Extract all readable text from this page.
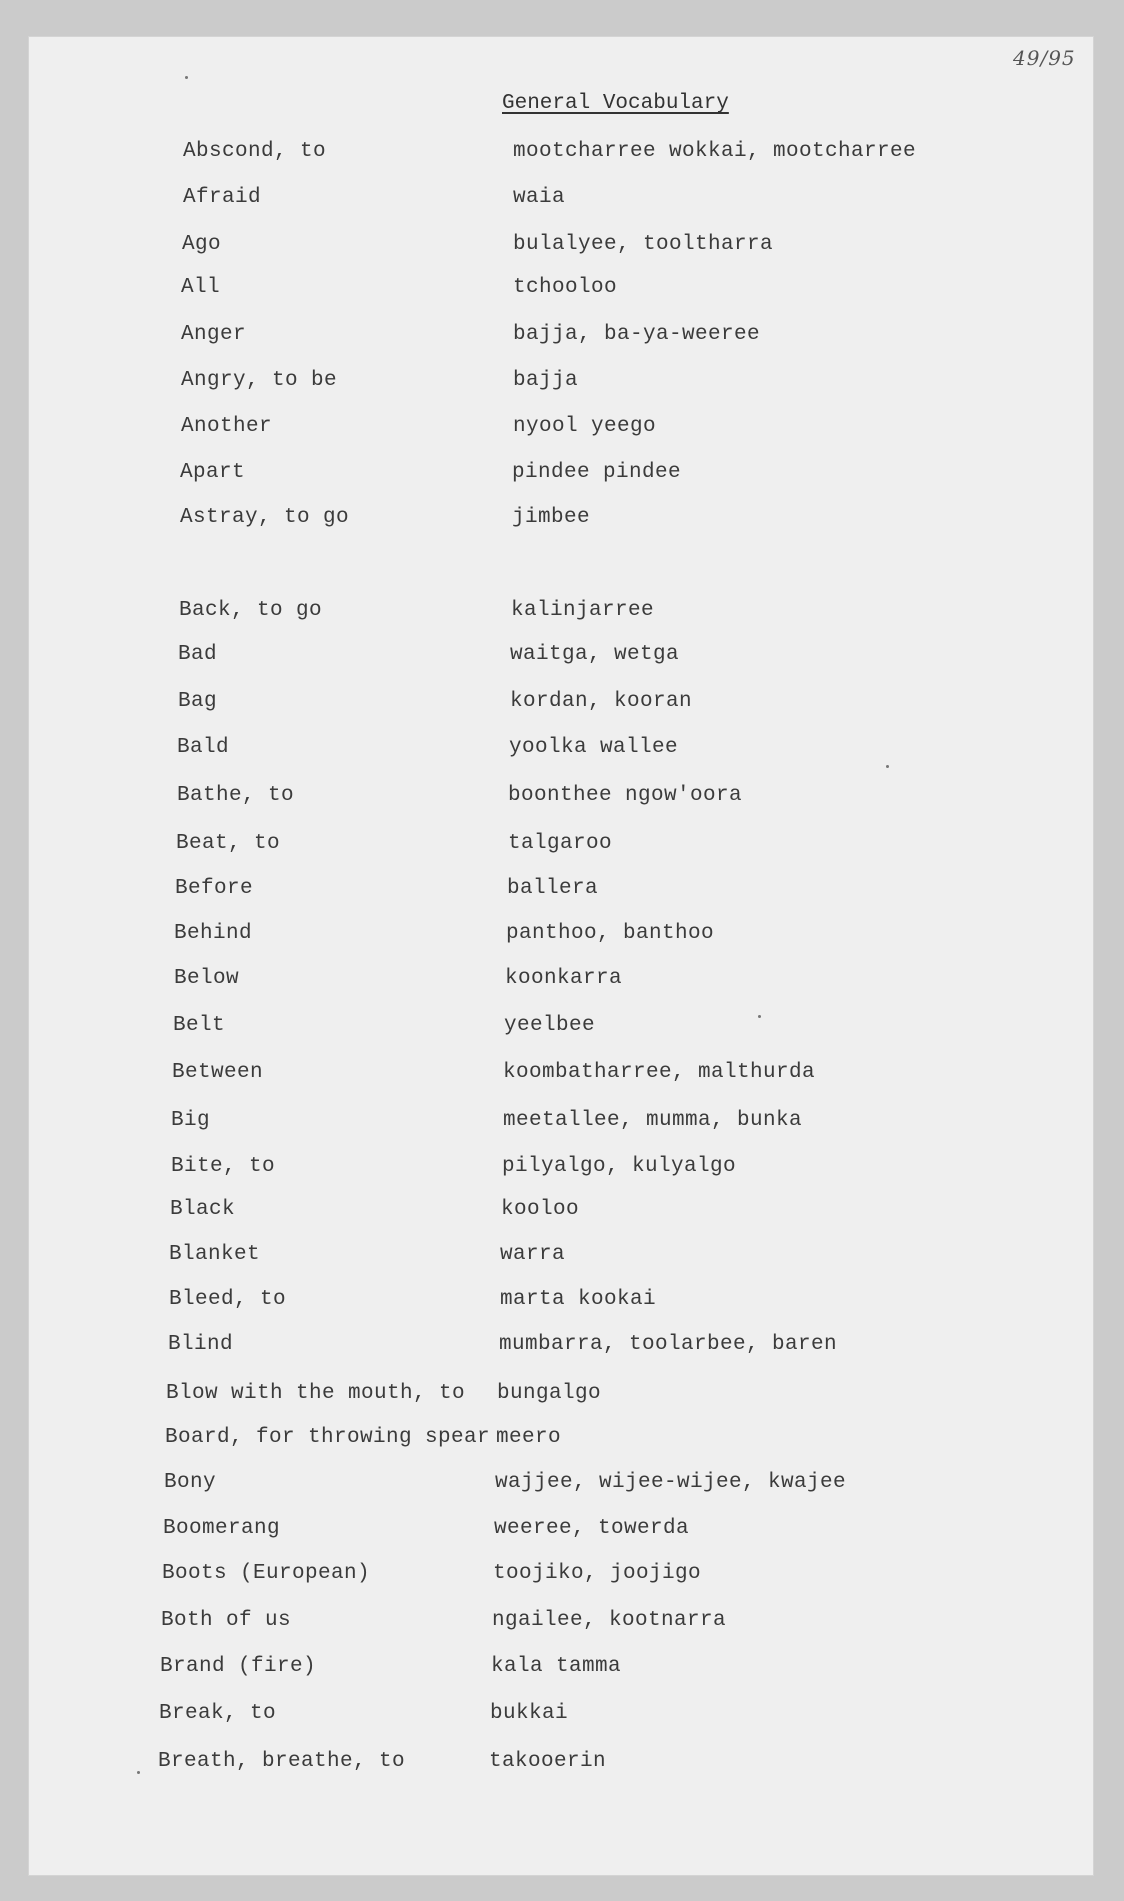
49/95
General Vocabulary
Abscond, to	mootcharree wokkai, mootcharree
Afraid	waia
Ago	bulalyee, tooltharra
All	tchooloo
Anger	bajja, ba-ya-weeree
Angry, to be	bajja
Another	nyool yeego
Apart	pindee pindee
Astray, to go	jimbee
Back, to go	kalinjarree
Bad	waitga, wetga
Bag	kordan, kooran
Bald	yoolka wallee
Bathe, to	boonthee ngow'oora
Beat, to	talgaroo
Before	ballera
Behind	panthoo, banthoo
Below	koonkarra
Belt	yeelbee
Between	koombatharree, malthurda
Big	meetallee, mumma, bunka
Bite, to	pilyalgo, kulyalgo
Black	kooloo
Blanket	warra
Bleed, to	marta kookai
Blind	mumbarra, toolarbee, baren
Blow with the mouth, to bungalgo
Board, for throwing spear meero
Bony	wajjee, wijee-wijee, kwajee
Boomerang	weeree, towerda
Boots (European)	toojiko, joojigo
Both of us	ngailee, kootnarra
Brand (fire)	kala tamma
Break, to	bukkai
Breath, breathe, to	takooerin
